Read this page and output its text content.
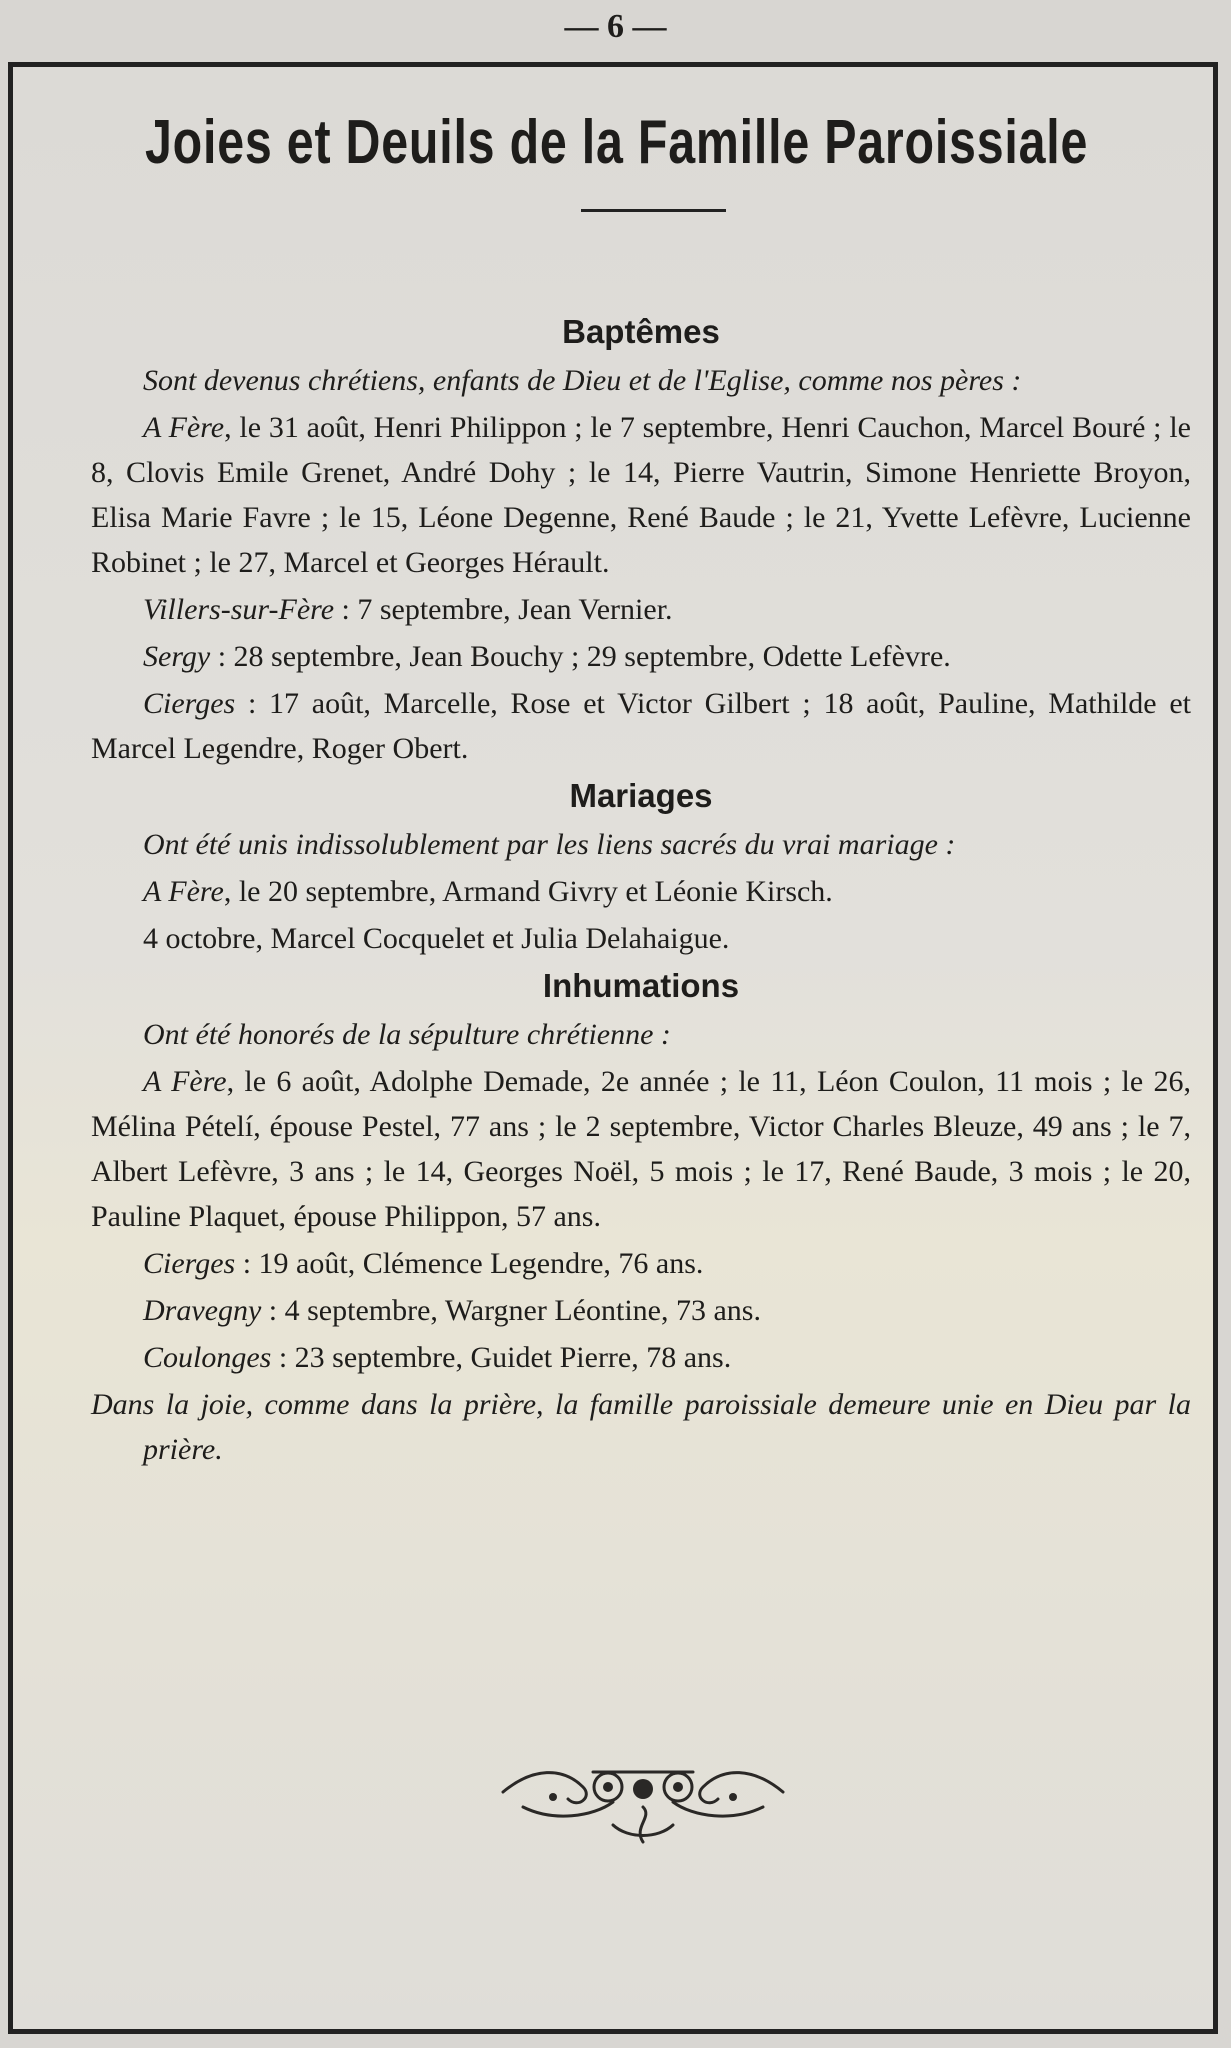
— 6 —
Joies et Deuils de la Famille Paroissiale
Baptêmes

Sont devenus chrétiens, enfants de Dieu et de l'Eglise, comme nos pères :

A Fère, le 31 août, Henri Philippon ; le 7 septembre, Henri Cauchon, Marcel Bouré ; le 8, Clovis Emile Grenet, André Dohy ; le 14, Pierre Vautrin, Simone Henriette Broyon, Elisa Marie Favre ; le 15, Léone Degenne, René Baude ; le 21, Yvette Lefèvre, Lucienne Robinet ; le 27, Marcel et Georges Hérault.

Villers-sur-Fère : 7 septembre, Jean Vernier.

Sergy : 28 septembre, Jean Bouchy ; 29 septembre, Odette Lefèvre.

Cierges : 17 août, Marcelle, Rose et Victor Gilbert ; 18 août, Pauline, Mathilde et Marcel Legendre, Roger Obert.

Mariages

Ont été unis indissolublement par les liens sacrés du vrai mariage :

A Fère, le 20 septembre, Armand Givry et Léonie Kirsch.

4 octobre, Marcel Cocquelet et Julia Delahaigue.

Inhumations

Ont été honorés de la sépulture chrétienne :

A Fère, le 6 août, Adolphe Demade, 2e année ; le 11, Léon Coulon, 11 mois ; le 26, Mélina Pételí, épouse Pestel, 77 ans ; le 2 septembre, Victor Charles Bleuze, 49 ans ; le 7, Albert Lefèvre, 3 ans ; le 14, Georges Noël, 5 mois ; le 17, René Baude, 3 mois ; le 20, Pauline Plaquet, épouse Philippon, 57 ans.

Cierges : 19 août, Clémence Legendre, 76 ans.

Dravegny : 4 septembre, Wargner Léontine, 73 ans.

Coulonges : 23 septembre, Guidet Pierre, 78 ans.

Dans la joie, comme dans la prière, la famille paroissiale demeure unie en Dieu par la prière.
